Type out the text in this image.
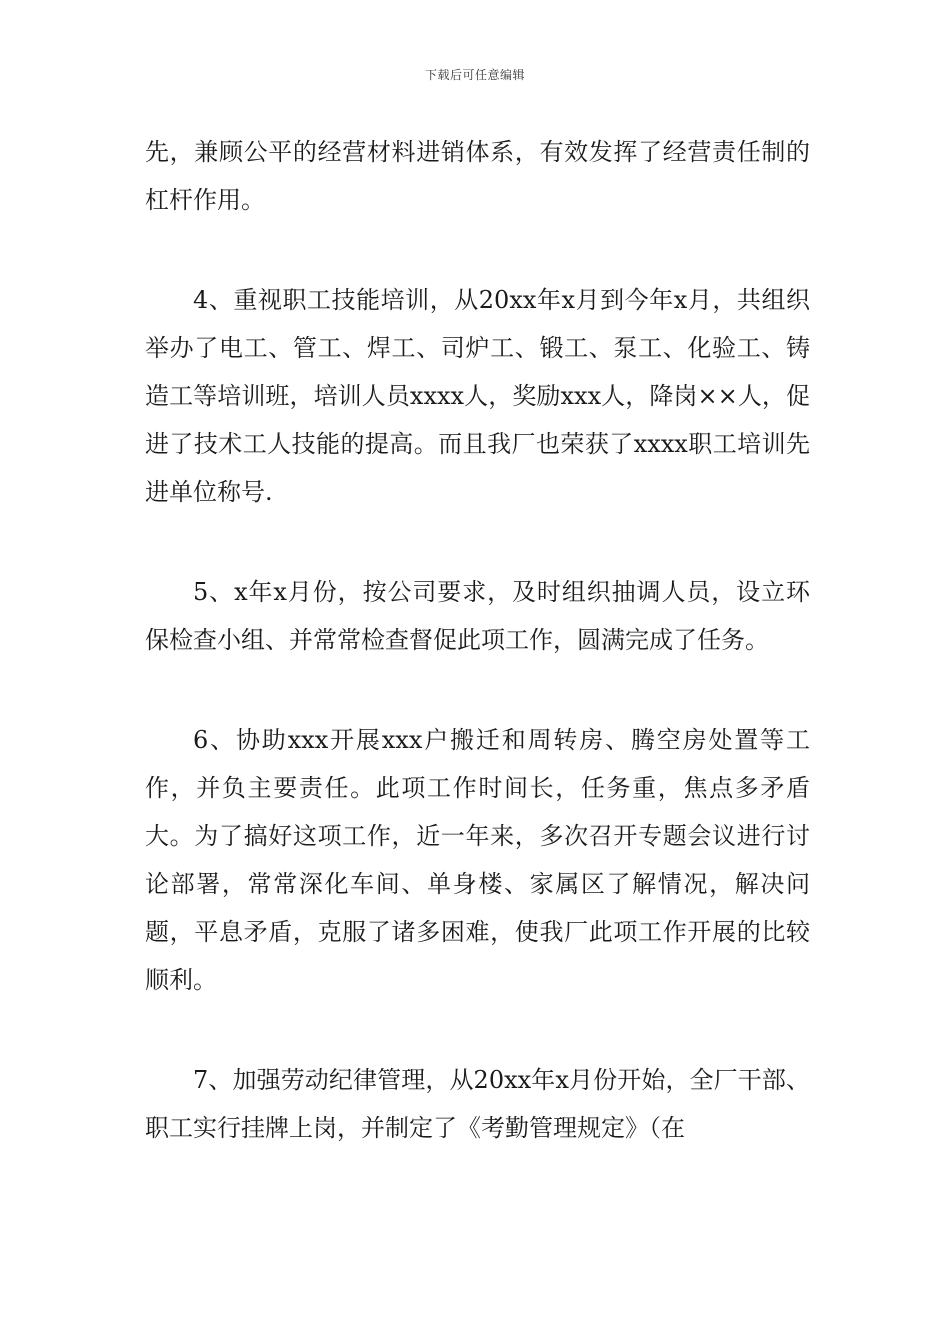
下载后可任意编辑

先，兼顾公平的经营材料进销体系，有效发挥了经营责任制的杠杆作用。

4、重视职工技能培训，从20xx年x月到今年x月，共组织举办了电工、管工、焊工、司炉工、锻工、泵工、化验工、铸造工等培训班，培训人员xxxx人，奖励xxx人，降岗××人，促进了技术工人技能的提高。而且我厂也荣获了xxxx职工培训先进单位称号.

5、x年x月份，按公司要求，及时组织抽调人员，设立环保检查小组、并常常检查督促此项工作，圆满完成了任务。

6、协助xxx开展xxx户搬迁和周转房、腾空房处置等工作，并负主要责任。此项工作时间长，任务重，焦点多矛盾大。为了搞好这项工作，近一年来，多次召开专题会议进行讨论部署，常常深化车间、单身楼、家属区了解情况，解决问题，平息矛盾，克服了诸多困难，使我厂此项工作开展的比较顺利。

7、加强劳动纪律管理，从20xx年x月份开始，全厂干部、职工实行挂牌上岗，并制定了《考勤管理规定》（在
